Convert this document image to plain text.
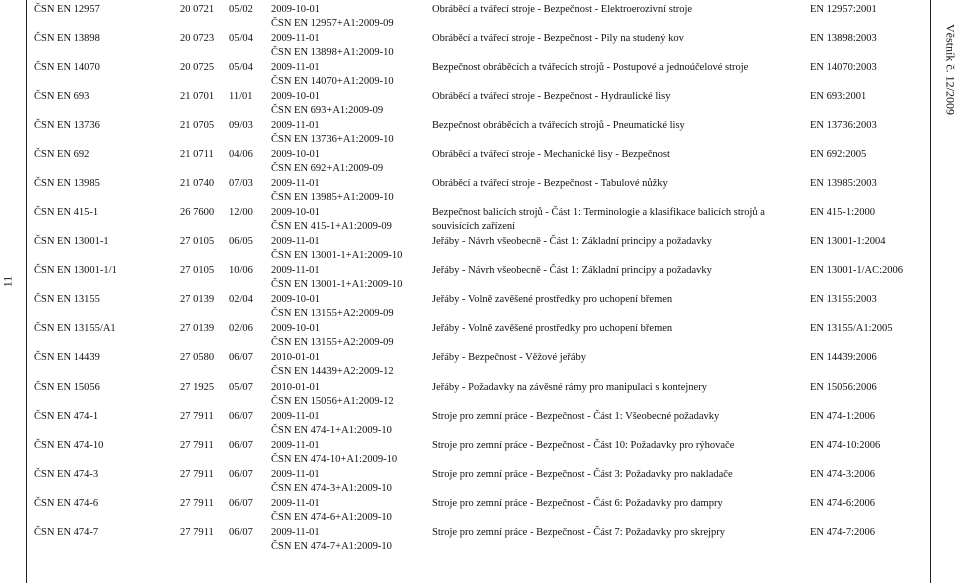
11
Věstník č. 12/2009
ČSN EN 12957	20 0721 05/02 2009-10-01
ČSN EN 12957+A1:2009-09
Obráběcí a tvářecí stroje - Bezpečnost - Elektroerozivní stroje	EN 12957:2001
ČSN EN 13898	20 0723 05/04 2009-11-01
ČSN EN 13898+A1:2009-10
Obráběcí a tvářecí stroje - Bezpečnost - Pily na studený kov	EN 13898:2003
ČSN EN 14070	20 0725 05/04 2009-11-01
ČSN EN 14070+A1:2009-10
Bezpečnost obráběcích a tvářecích strojů - Postupové a jednoúčelové stroje	EN 14070:2003
ČSN EN 693	21 0701 11/01 2009-10-01
ČSN EN 693+A1:2009-09
Obráběcí a tvářecí stroje - Bezpečnost - Hydraulické lisy	EN 693:2001
ČSN EN 13736	21 0705 09/03 2009-11-01
ČSN EN 13736+A1:2009-10
Bezpečnost obráběcích a tvářecích strojů - Pneumatické lisy	EN 13736:2003
ČSN EN 692	21 0711 04/06 2009-10-01
ČSN EN 692+A1:2009-09
Obráběcí a tvářecí stroje - Mechanické lisy - Bezpečnost	EN 692:2005
ČSN EN 13985	21 0740 07/03 2009-11-01
ČSN EN 13985+A1:2009-10
Obráběcí a tvářecí stroje - Bezpečnost - Tabulové nůžky	EN 13985:2003
ČSN EN 415-1	26 7600 12/00 2009-10-01
ČSN EN 415-1+A1:2009-09
Bezpečnost balicích strojů - Část 1: Terminologie a klasifikace balicích strojů a souvisících zařízení
EN 415-1:2000
ČSN EN 13001-1	27 0105 06/05 2009-11-01
ČSN EN 13001-1+A1:2009-10
Jeřáby - Návrh všeobecně - Část 1: Základní principy a požadavky	EN 13001-1:2004
ČSN EN 13001-1/1	27 0105 10/06 2009-11-01
ČSN EN 13001-1+A1:2009-10
Jeřáby - Návrh všeobecně - Část 1: Základní principy a požadavky	EN 13001-1/AC:2006
ČSN EN 13155	27 0139 02/04 2009-10-01
ČSN EN 13155+A2:2009-09
Jeřáby - Volně zavěšené prostředky pro uchopení břemen	EN 13155:2003
ČSN EN 13155/A1	27 0139 02/06 2009-10-01
ČSN EN 13155+A2:2009-09
Jeřáby - Volně zavěšené prostředky pro uchopení břemen	EN 13155/A1:2005
ČSN EN 14439	27 0580 06/07 2010-01-01
ČSN EN 14439+A2:2009-12
Jeřáby - Bezpečnost - Věžové jeřáby	EN 14439:2006
ČSN EN 15056	27 1925 05/07 2010-01-01
ČSN EN 15056+A1:2009-12
Jeřáby - Požadavky na závěsné rámy pro manipulaci s kontejnery	EN 15056:2006
ČSN EN 474-1	27 7911 06/07 2009-11-01
ČSN EN 474-1+A1:2009-10
Stroje pro zemní práce - Bezpečnost - Část 1: Všeobecné požadavky	EN 474-1:2006
ČSN EN 474-10	27 7911 06/07 2009-11-01
ČSN EN 474-10+A1:2009-10
Stroje pro zemní práce - Bezpečnost - Část 10: Požadavky pro rýhovače	EN 474-10:2006
ČSN EN 474-3	27 7911 06/07 2009-11-01
ČSN EN 474-3+A1:2009-10
Stroje pro zemní práce - Bezpečnost - Část 3: Požadavky pro nakladače	EN 474-3:2006
ČSN EN 474-6	27 7911 06/07 2009-11-01
ČSN EN 474-6+A1:2009-10
Stroje pro zemní práce - Bezpečnost - Část 6: Požadavky pro dampry	EN 474-6:2006
ČSN EN 474-7	27 7911 06/07 2009-11-01
ČSN EN 474-7+A1:2009-10
Stroje pro zemní práce - Bezpečnost - Část 7: Požadavky pro skrejpry	EN 474-7:2006
